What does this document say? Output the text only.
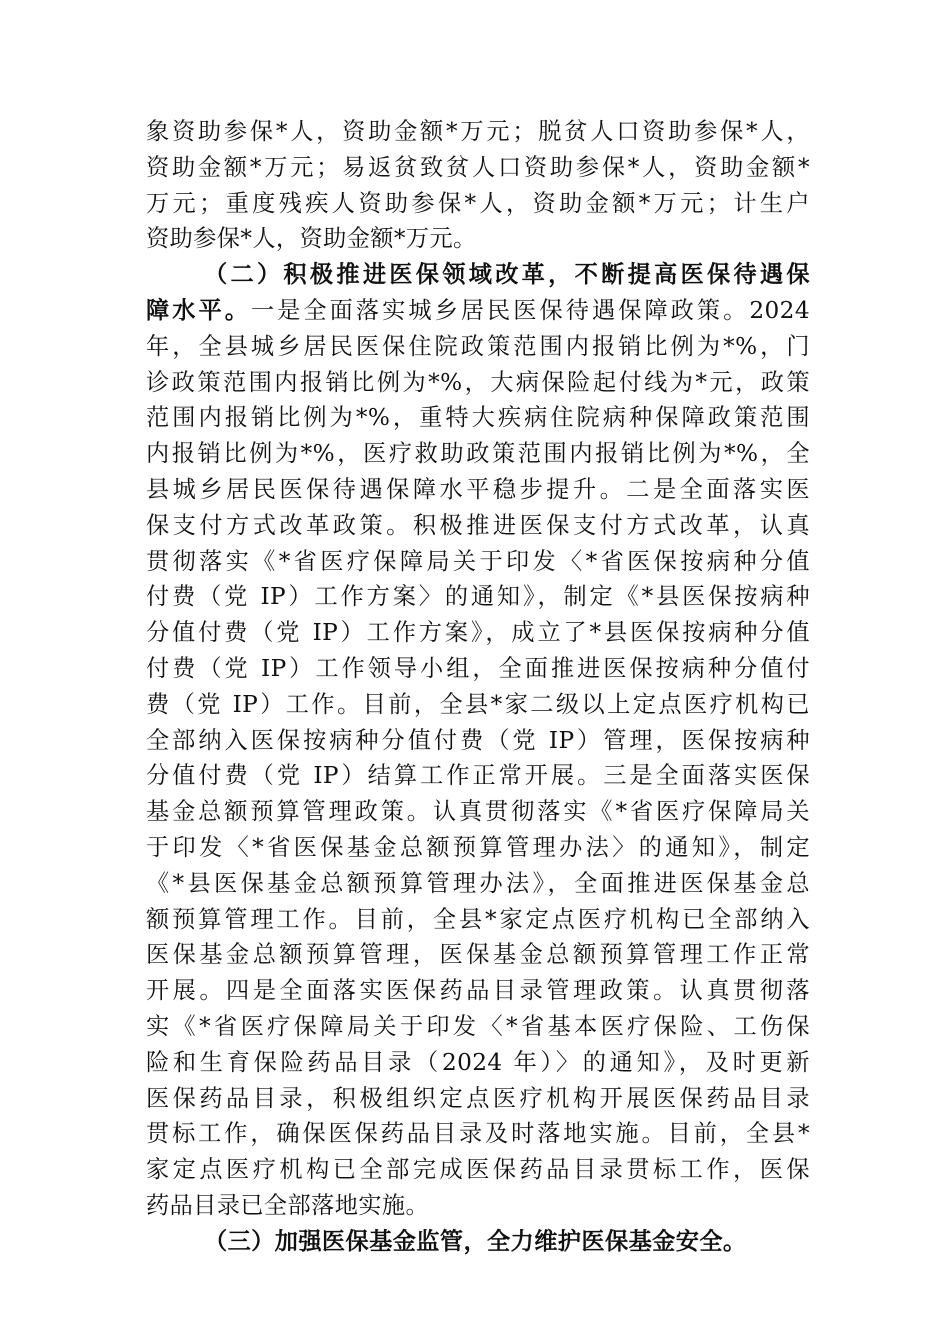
象资助参保*人，资助金额*万元；脱贫人口资助参保*人，
资助金额*万元；易返贫致贫人口资助参保*人，资助金额*
万元；重度残疾人资助参保*人，资助金额*万元；计生户
资助参保*人，资助金额*万元。
（二）积极推进医保领域改革，不断提高医保待遇保
障水平。一是全面落实城乡居民医保待遇保障政策。2024
年，全县城乡居民医保住院政策范围内报销比例为*%，门
诊政策范围内报销比例为*%，大病保险起付线为*元，政策
范围内报销比例为*%，重特大疾病住院病种保障政策范围
内报销比例为*%，医疗救助政策范围内报销比例为*%，全
县城乡居民医保待遇保障水平稳步提升。二是全面落实医
保支付方式改革政策。积极推进医保支付方式改革，认真
贯彻落实《*省医疗保障局关于印发〈*省医保按病种分值
付费（党 IP）工作方案〉的通知》，制定《*县医保按病种
分值付费（党 IP）工作方案》，成立了*县医保按病种分值
付费（党 IP）工作领导小组，全面推进医保按病种分值付
费（党 IP）工作。目前，全县*家二级以上定点医疗机构已
全部纳入医保按病种分值付费（党 IP）管理，医保按病种
分值付费（党 IP）结算工作正常开展。三是全面落实医保
基金总额预算管理政策。认真贯彻落实《*省医疗保障局关
于印发〈*省医保基金总额预算管理办法〉的通知》，制定
《*县医保基金总额预算管理办法》，全面推进医保基金总
额预算管理工作。目前，全县*家定点医疗机构已全部纳入
医保基金总额预算管理，医保基金总额预算管理工作正常
开展。四是全面落实医保药品目录管理政策。认真贯彻落
实《*省医疗保障局关于印发〈*省基本医疗保险、工伤保
险和生育保险药品目录（2024 年）〉的通知》，及时更新
医保药品目录，积极组织定点医疗机构开展医保药品目录
贯标工作，确保医保药品目录及时落地实施。目前，全县*
家定点医疗机构已全部完成医保药品目录贯标工作，医保
药品目录已全部落地实施。
（三）加强医保基金监管，全力维护医保基金安全。
